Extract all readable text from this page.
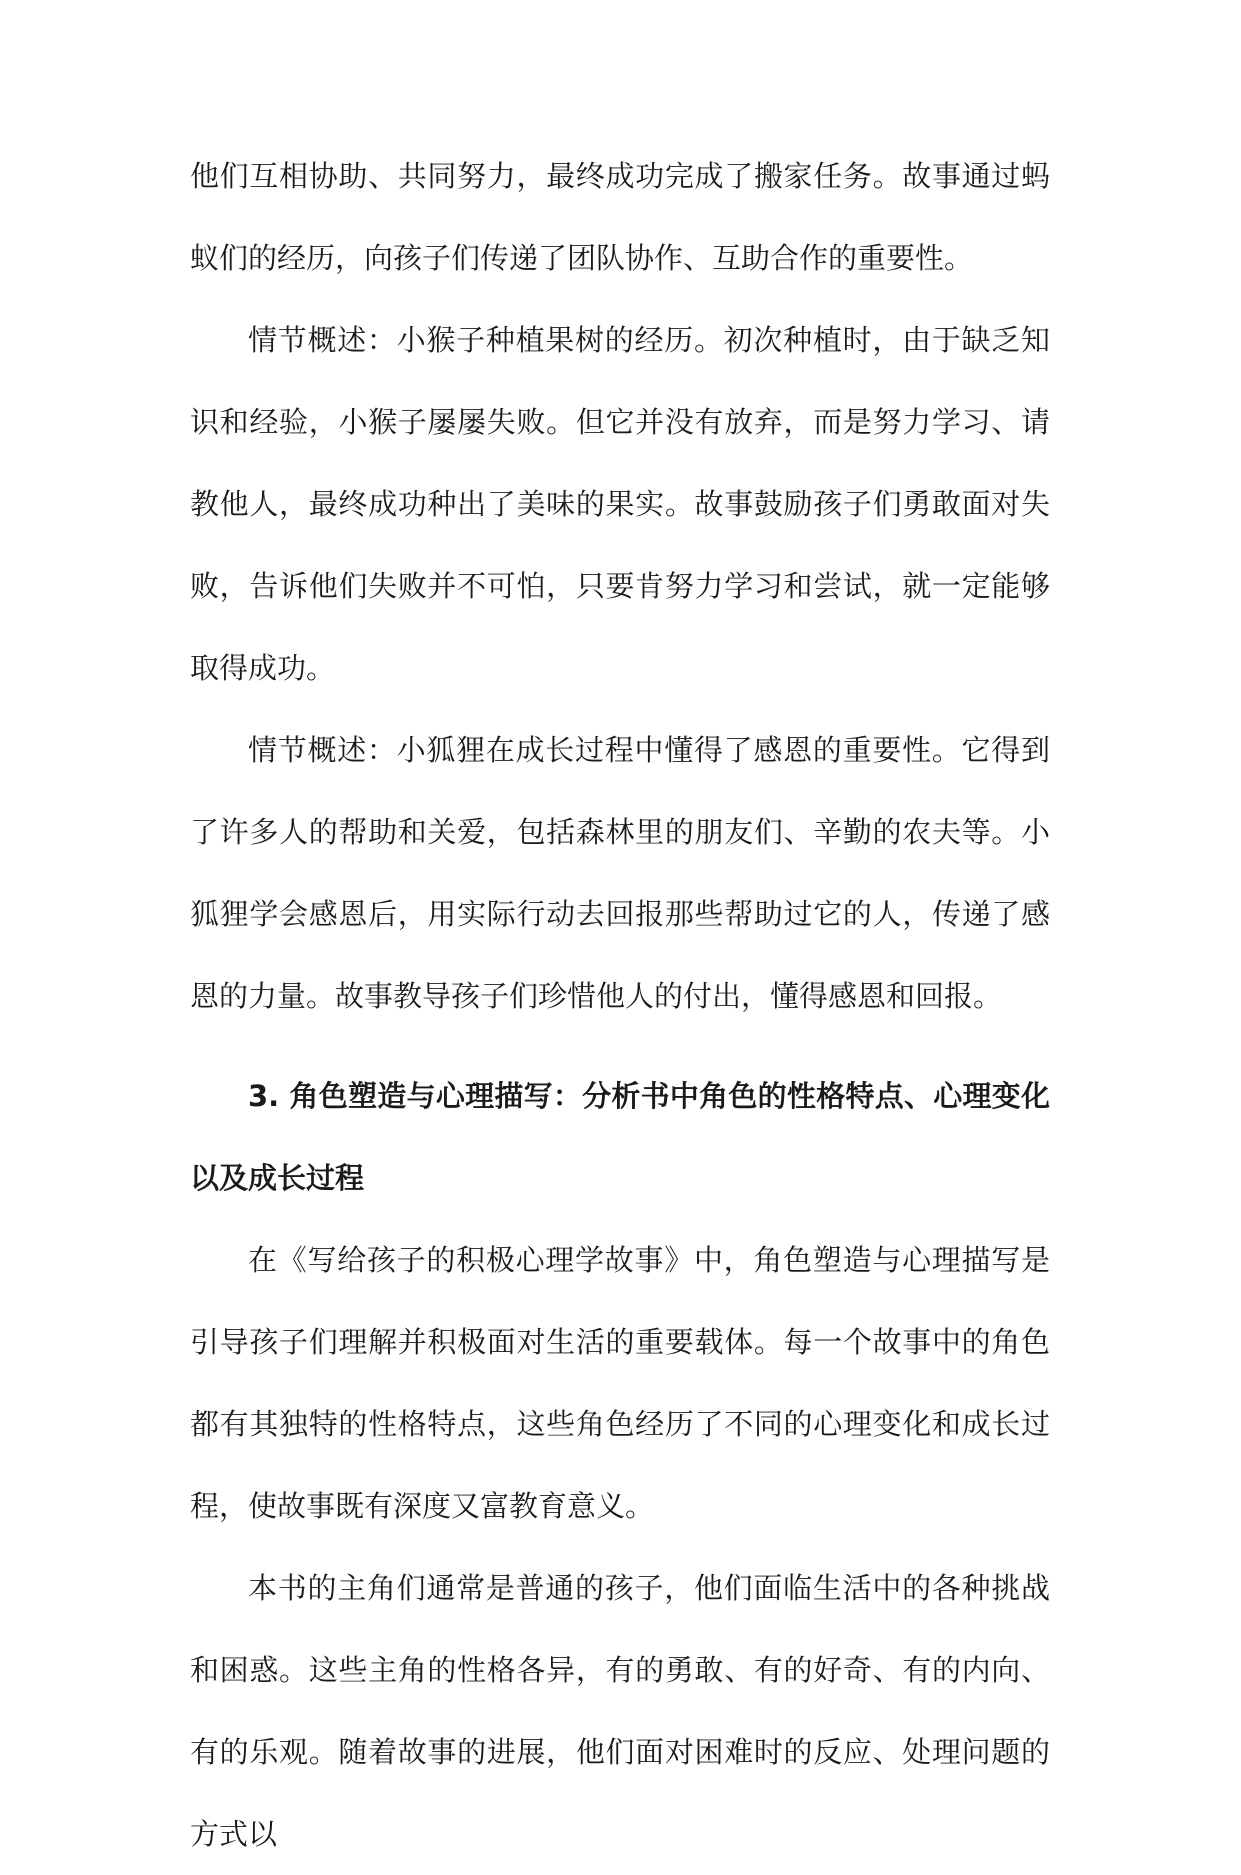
他们互相协助、共同努力，最终成功完成了搬家任务。故事通过蚂蚁们的经历，向孩子们传递了团队协作、互助合作的重要性。

情节概述：小猴子种植果树的经历。初次种植时，由于缺乏知识和经验，小猴子屡屡失败。但它并没有放弃，而是努力学习、请教他人，最终成功种出了美味的果实。故事鼓励孩子们勇敢面对失败，告诉他们失败并不可怕，只要肯努力学习和尝试，就一定能够取得成功。

情节概述：小狐狸在成长过程中懂得了感恩的重要性。它得到了许多人的帮助和关爱，包括森林里的朋友们、辛勤的农夫等。小狐狸学会感恩后，用实际行动去回报那些帮助过它的人，传递了感恩的力量。故事教导孩子们珍惜他人的付出，懂得感恩和回报。

3. 角色塑造与心理描写：分析书中角色的性格特点、心理变化以及成长过程

在《写给孩子的积极心理学故事》中，角色塑造与心理描写是引导孩子们理解并积极面对生活的重要载体。每一个故事中的角色都有其独特的性格特点，这些角色经历了不同的心理变化和成长过程，使故事既有深度又富教育意义。

本书的主角们通常是普通的孩子，他们面临生活中的各种挑战和困惑。这些主角的性格各异，有的勇敢、有的好奇、有的内向、有的乐观。随着故事的进展，他们面对困难时的反应、处理问题的方式以
